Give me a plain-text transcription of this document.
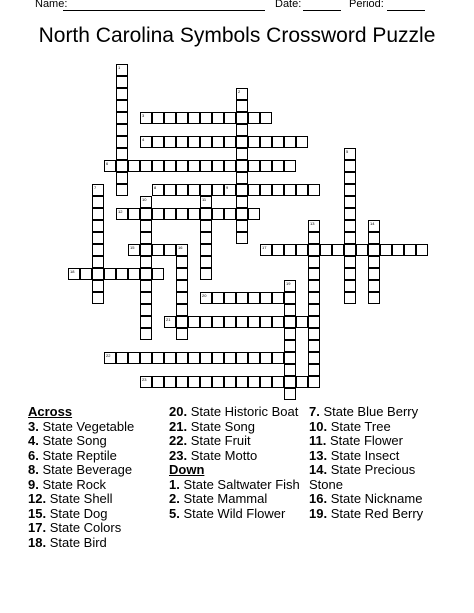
Name:	Date:	Period:
North Carolina Symbols Crossword Puzzle
1
2
3
4
5
6
7	8	9
10	11
12
13	14
15	16	17
18
19
20
21
22
23
Across
3. State Vegetable
4. State Song
6. State Reptile
8. State Beverage
9. State Rock
12. State Shell
15. State Dog
17. State Colors
18. State Bird
20. State Historic Boat
21. State Song
22. State Fruit
23. State Motto
Down
1. State Saltwater Fish
2. State Mammal
5. State Wild Flower
7. State Blue Berry
10. State Tree
11. State Flower
13. State Insect
14. State Precious Stone
16. State Nickname
19. State Red Berry
